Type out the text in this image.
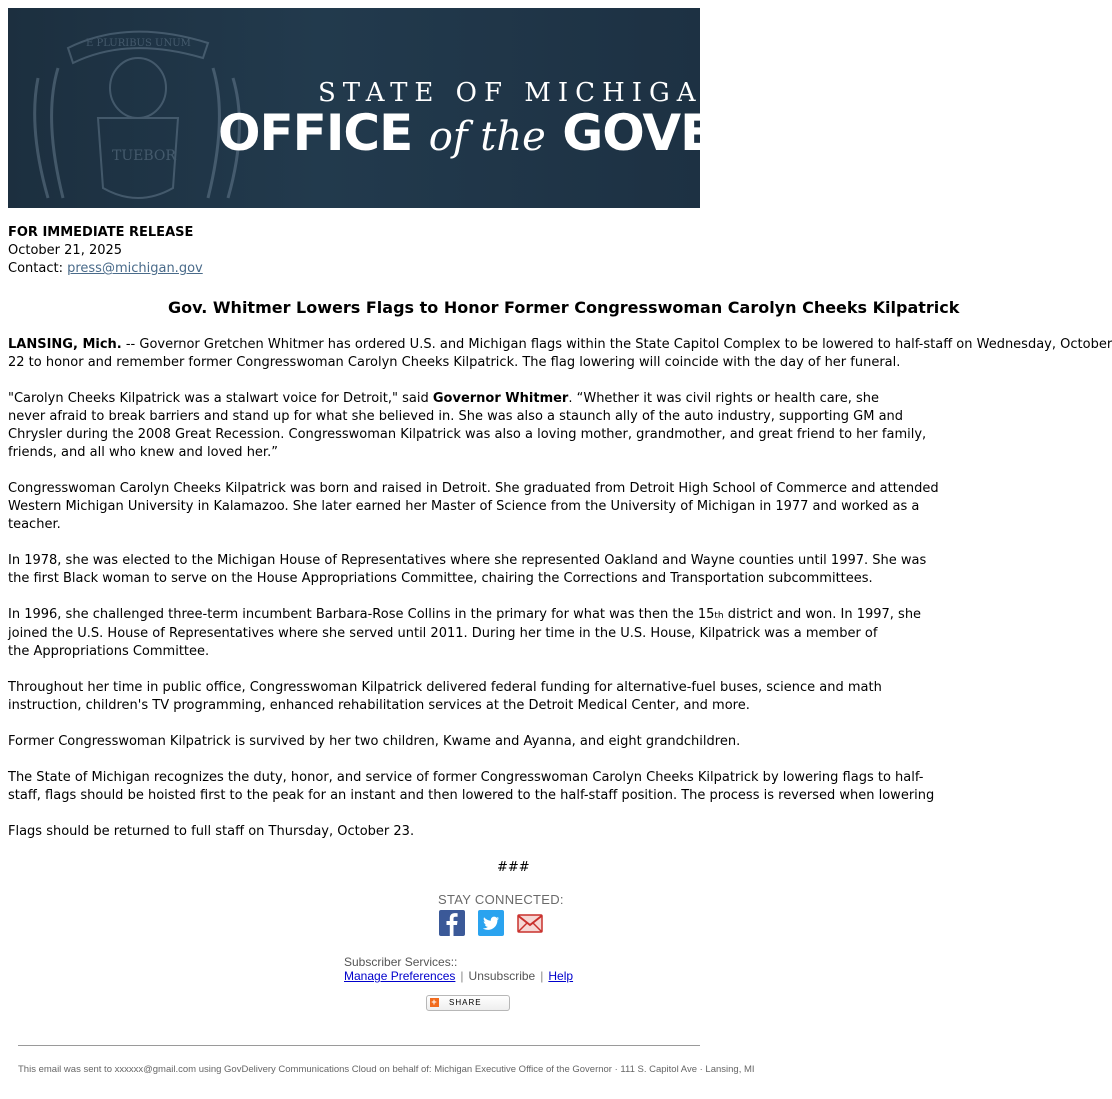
E PLURIBUS UNUM
TUEBOR
STATE OF MICHIGAN
OFFICE of the GOVERNOR
FOR IMMEDIATE RELEASE
October 21, 2025
Contact: press@michigan.gov
Gov. Whitmer Lowers Flags to Honor Former Congresswoman Carolyn Cheeks Kilpatrick

LANSING, Mich. -- Governor Gretchen Whitmer has ordered U.S. and Michigan flags within the State Capitol Complex to be lowered to half-staff on Wednesday, October
22 to honor and remember former Congresswoman Carolyn Cheeks Kilpatrick. The flag lowering will coincide with the day of her funeral.

"Carolyn Cheeks Kilpatrick was a stalwart voice for Detroit," said Governor Whitmer. “Whether it was civil rights or health care, she
never afraid to break barriers and stand up for what she believed in. She was also a staunch ally of the auto industry, supporting GM and
Chrysler during the 2008 Great Recession. Congresswoman Kilpatrick was also a loving mother, grandmother, and great friend to her family,
friends, and all who knew and loved her.”

Congresswoman Carolyn Cheeks Kilpatrick was born and raised in Detroit. She graduated from Detroit High School of Commerce and attended
Western Michigan University in Kalamazoo. She later earned her Master of Science from the University of Michigan in 1977 and worked as a
teacher.

In 1978, she was elected to the Michigan House of Representatives where she represented Oakland and Wayne counties until 1997. She was
the first Black woman to serve on the House Appropriations Committee, chairing the Corrections and Transportation subcommittees.

In 1996, she challenged three-term incumbent Barbara-Rose Collins in the primary for what was then the 15th district and won. In 1997, she
joined the U.S. House of Representatives where she served until 2011. During her time in the U.S. House, Kilpatrick was a member of
the Appropriations Committee.

Throughout her time in public office, Congresswoman Kilpatrick delivered federal funding for alternative-fuel buses, science and math
instruction, children's TV programming, enhanced rehabilitation services at the Detroit Medical Center, and more.

Former Congresswoman Kilpatrick is survived by her two children, Kwame and Ayanna, and eight grandchildren.

The State of Michigan recognizes the duty, honor, and service of former Congresswoman Carolyn Cheeks Kilpatrick by lowering flags to half-
staff, flags should be hoisted first to the peak for an instant and then lowered to the half-staff position. The process is reversed when lowering

Flags should be returned to full staff on Thursday, October 23.

###
STAY CONNECTED:
Subscriber Services::
Manage Preferences | Unsubscribe | Help
+ SHARE
This email was sent to xxxxxx@gmail.com using GovDelivery Communications Cloud on behalf of: Michigan Executive Office of the Governor · 111 S. Capitol Ave · Lansing, MI
